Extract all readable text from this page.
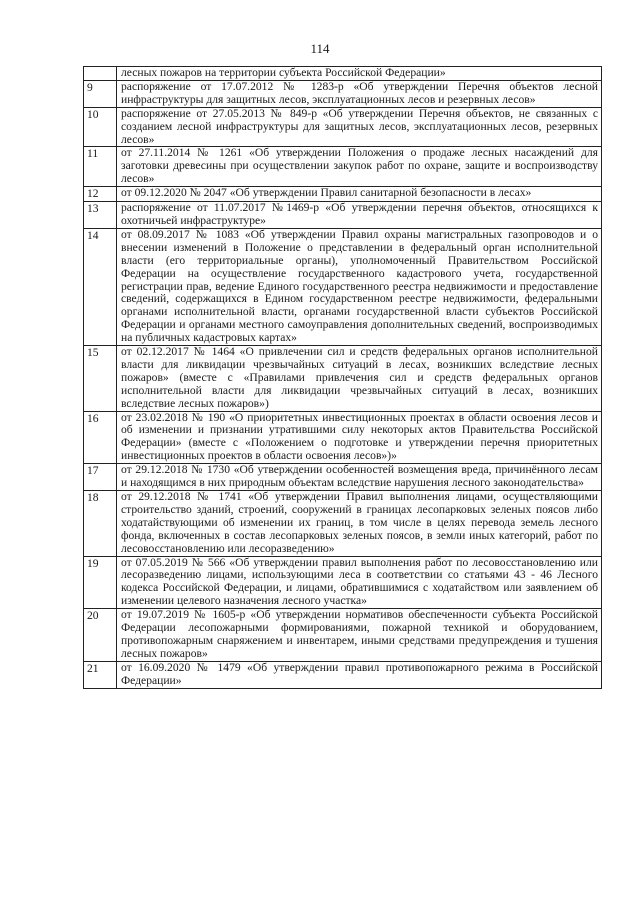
114
	лесных пожаров на территории субъекта Российской Федерации»
9	распоряжение от 17.07.2012 № 1283-р «Об утверждении Перечня объектов лесной инфраструктуры для защитных лесов, эксплуатационных лесов и резервных лесов»
10	распоряжение от 27.05.2013 № 849-р «Об утверждении Перечня объектов, не связанных с созданием лесной инфраструктуры для защитных лесов, эксплуатационных лесов, резервных лесов»
11	от 27.11.2014 № 1261 «Об утверждении Положения о продаже лесных насаждений для заготовки древесины при осуществлении закупок работ по охране, защите и воспроизводству лесов»
12	от 09.12.2020 № 2047 «Об утверждении Правил санитарной безопасности в лесах»
13	распоряжение от 11.07.2017 №1469-р «Об утверждении перечня объектов, относящихся к охотничьей инфраструктуре»
14	от 08.09.2017 № 1083 «Об утверждении Правил охраны магистральных газопроводов и о внесении изменений в Положение о представлении в федеральный орган исполнительной власти (его территориальные органы), уполномоченный Правительством Российской Федерации на осуществление государственного кадастрового учета, государственной регистрации прав, ведение Единого государственного реестра недвижимости и предоставление сведений, содержащихся в Едином государственном реестре недвижимости, федеральными органами исполнительной власти, органами государственной власти субъектов Российской Федерации и органами местного самоуправления дополнительных сведений, воспроизводимых на публичных кадастровых картах»
15	от 02.12.2017 № 1464 «О привлечении сил и средств федеральных органов исполнительной власти для ликвидации чрезвычайных ситуаций в лесах, возникших вследствие лесных пожаров» (вместе с «Правилами привлечения сил и средств федеральных органов исполнительной власти для ликвидации чрезвычайных ситуаций в лесах, возникших вследствие лесных пожаров»)
16	от 23.02.2018 № 190 «О приоритетных инвестиционных проектах в области освоения лесов и об изменении и признании утратившими силу некоторых актов Правительства Российской Федерации» (вместе с «Положением о подготовке и утверждении перечня приоритетных инвестиционных проектов в области освоения лесов»)»
17	от 29.12.2018 № 1730 «Об утверждении особенностей возмещения вреда, причинённого лесам и находящимся в них природным объектам вследствие нарушения лесного законодательства»
18	от 29.12.2018 № 1741 «Об утверждении Правил выполнения лицами, осуществляющими строительство зданий, строений, сооружений в границах лесопарковых зеленых поясов либо ходатайствующими об изменении их границ, в том числе в целях перевода земель лесного фонда, включенных в состав лесопарковых зеленых поясов, в земли иных категорий, работ по лесовосстановлению или лесоразведению»
19	от 07.05.2019 № 566 «Об утверждении правил выполнения работ по лесовосстановлению или лесоразведению лицами, использующими леса в соответствии со статьями 43 - 46 Лесного кодекса Российской Федерации, и лицами, обратившимися с ходатайством или заявлением об изменении целевого назначения лесного участка»
20	от 19.07.2019 № 1605-р «Об утверждении нормативов обеспеченности субъекта Российской Федерации лесопожарными формированиями, пожарной техникой и оборудованием, противопожарным снаряжением и инвентарем, иными средствами предупреждения и тушения лесных пожаров»
21	от 16.09.2020 № 1479 «Об утверждении правил противопожарного режима в Российской Федерации»
